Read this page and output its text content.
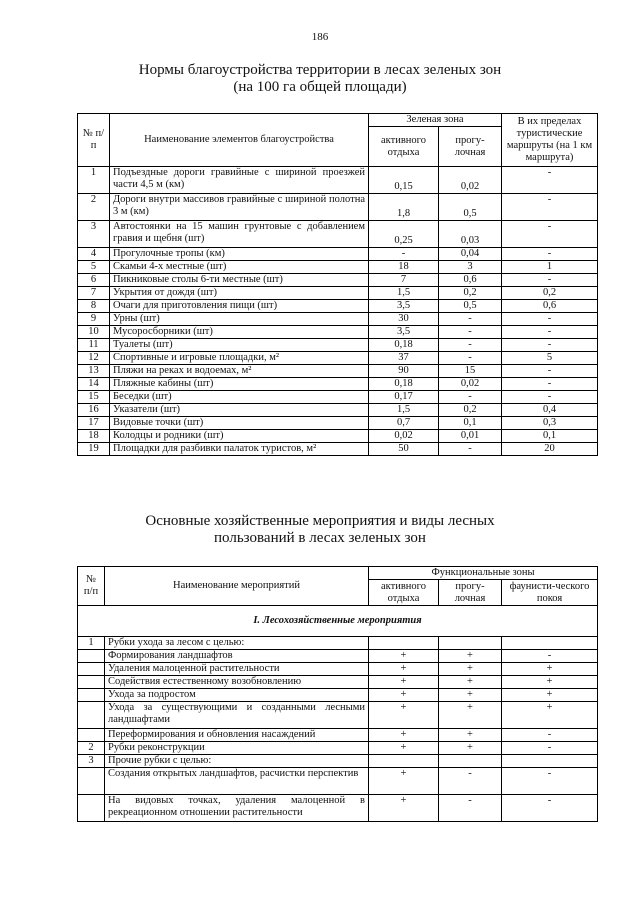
186
Нормы благоустройства территории в лесах зеленых зон
(на 100 га общей площади)
№ п/п	Наименование элементов благоустройства	Зеленая зона		В их пределах туристические маршруты (на 1 км маршрута)
		активного отдыха	прогу-лочная	
1	Подъездные дороги гравийные с шириной проезжей части 4,5 м (км)	0,15	0,02	-
2	Дороги внутри массивов гравийные с шириной полотна 3 м (км)	1,8	0,5	-
3	Автостоянки на 15 машин грунтовые с добавлением гравия и щебня (шт)	0,25	0,03	-
4	Прогулочные тропы (км)	-	0,04	-
5	Скамьи 4-х местные (шт)	18	3	1
6	Пикниковые столы 6-ти местные (шт)	7	0,6	-
7	Укрытия от дождя (шт)	1,5	0,2	0,2
8	Очаги для приготовления пищи (шт)	3,5	0,5	0,6
9	Урны (шт)	30	-	-
10	Мусоросборники (шт)	3,5	-	-
11	Туалеты (шт)	0,18	-	-
12	Спортивные и игровые площадки, м²	37	-	5
13	Пляжи на реках и водоемах, м²	90	15	-
14	Пляжные кабины (шт)	0,18	0,02	-
15	Беседки (шт)	0,17	-	-
16	Указатели (шт)	1,5	0,2	0,4
17	Видовые точки (шт)	0,7	0,1	0,3
18	Колодцы и родники (шт)	0,02	0,01	0,1
19	Площадки для разбивки палаток туристов, м²	50	-	20
Основные хозяйственные мероприятия и виды лесных
пользований в лесах зеленых зон
№ п/п	Наименование мероприятий	Функциональные зоны		
		активного отдыха	прогу-лочная	фаунисти-ческого покоя
I. Лесохозяйственные мероприятия				
1	Рубки ухода за лесом с целью:			
	Формирования ландшафтов	+	+	-
	Удаления малоценной растительности	+	+	+
	Содействия естественному возобновлению	+	+	+
	Ухода за подростом	+	+	+
	Ухода за существующими и созданными лесными ландшафтами	+	+	+
	Переформирования и обновления насаждений	+	+	-
2	Рубки реконструкции	+	+	-
3	Прочие рубки с целью:			
	Создания открытых ландшафтов, расчистки перспектив	+	-	-
	На видовых точках, удаления малоценной в рекреационном отношении растительности	+	-	-
